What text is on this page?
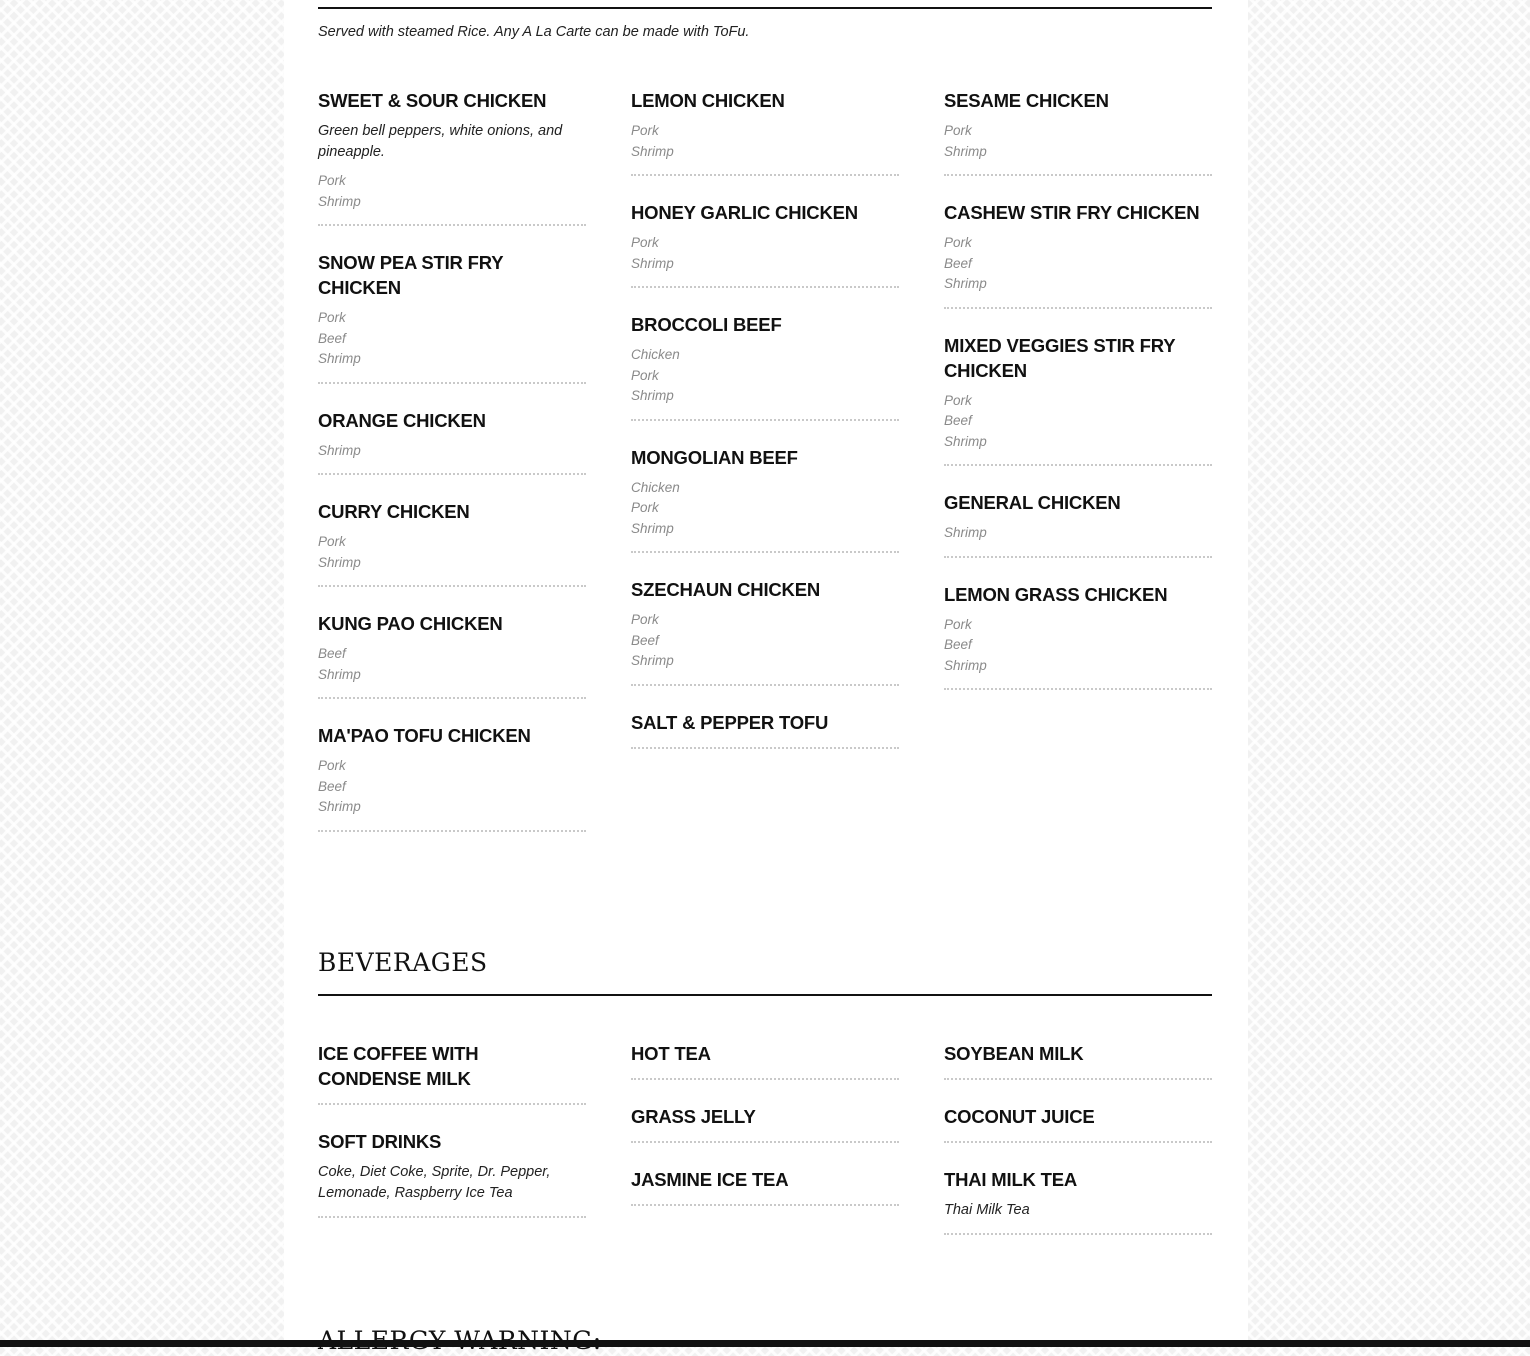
Served with steamed Rice. Any A La Carte can be made with ToFu.
SWEET & SOUR CHICKEN
Green bell peppers, white onions, and pineapple.
Pork
Shrimp
SNOW PEA STIR FRY CHICKEN
Pork
Beef
Shrimp
ORANGE CHICKEN
Shrimp
CURRY CHICKEN
Pork
Shrimp
KUNG PAO CHICKEN
Beef
Shrimp
MA'PAO TOFU CHICKEN
Pork
Beef
Shrimp
LEMON CHICKEN
Pork
Shrimp
HONEY GARLIC CHICKEN
Pork
Shrimp
BROCCOLI BEEF
Chicken
Pork
Shrimp
MONGOLIAN BEEF
Chicken
Pork
Shrimp
SZECHAUN CHICKEN
Pork
Beef
Shrimp
SALT & PEPPER TOFU
SESAME CHICKEN
Pork
Shrimp
CASHEW STIR FRY CHICKEN
Pork
Beef
Shrimp
MIXED VEGGIES STIR FRY CHICKEN
Pork
Beef
Shrimp
GENERAL CHICKEN
Shrimp
LEMON GRASS CHICKEN
Pork
Beef
Shrimp
BEVERAGES
ICE COFFEE WITH CONDENSE MILK
SOFT DRINKS
Coke, Diet Coke, Sprite, Dr. Pepper, Lemonade, Raspberry Ice Tea
HOT TEA
GRASS JELLY
JASMINE ICE TEA
SOYBEAN MILK
COCONUT JUICE
THAI MILK TEA
Thai Milk Tea
